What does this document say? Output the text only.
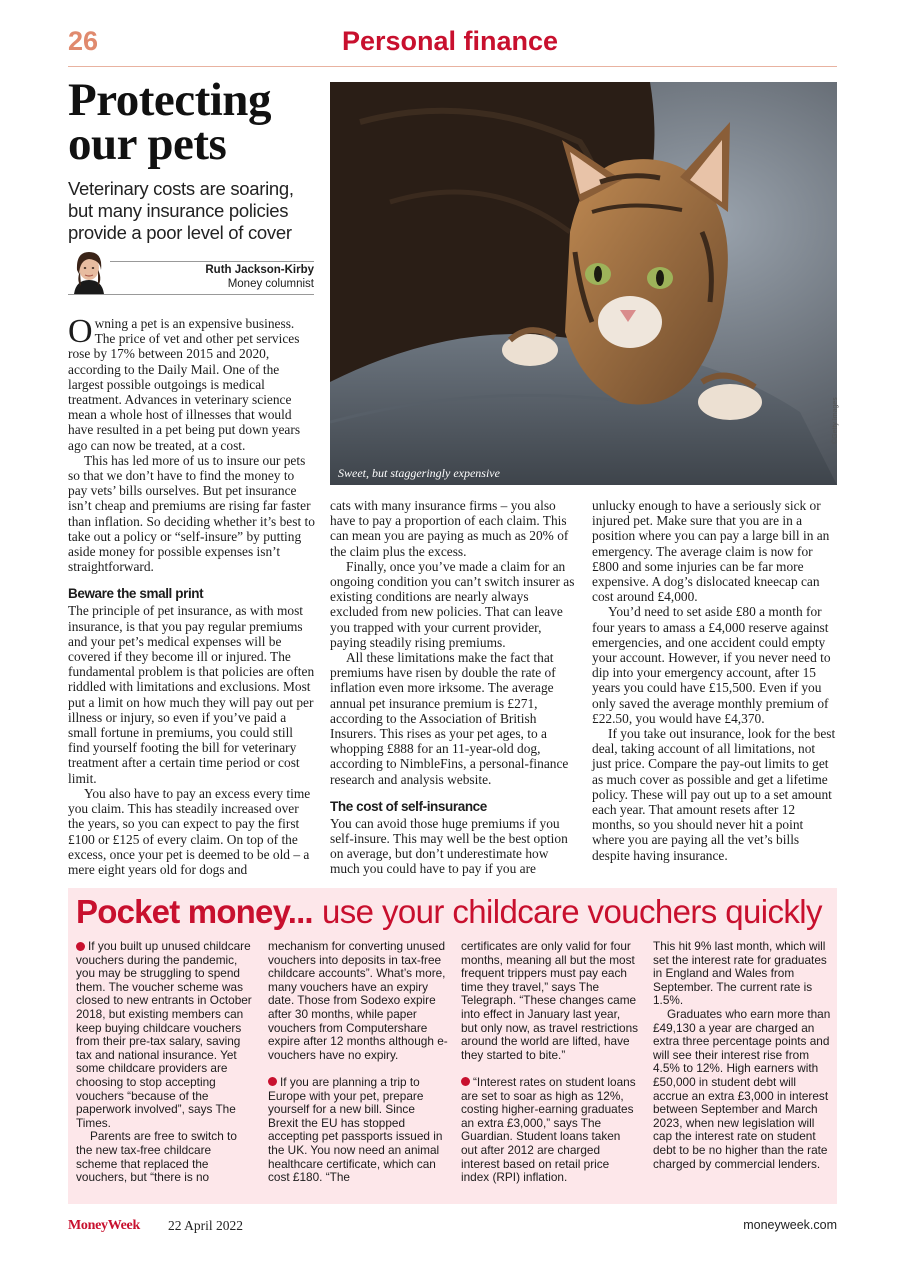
26	Personal finance
Protecting our pets
Veterinary costs are soaring, but many insurance policies provide a poor level of cover
Ruth Jackson-Kirby
Money columnist
Sweet, but staggeringly expensive
©Getty Images

Owning a pet is an expensive business. The price of vet and other pet services rose by 17% between 2015 and 2020, according to the Daily Mail. One of the largest possible outgoings is medical treatment. Advances in veterinary science mean a whole host of illnesses that would have resulted in a pet being put down years ago can now be treated, at a cost.

This has led more of us to insure our pets so that we don’t have to find the money to pay vets’ bills ourselves. But pet insurance isn’t cheap and premiums are rising far faster than inflation. So deciding whether it’s best to take out a policy or “self-insure” by putting aside money for possible expenses isn’t straightforward.

Beware the small print

The principle of pet insurance, as with most insurance, is that you pay regular premiums and your pet’s medical expenses will be covered if they become ill or injured. The fundamental problem is that policies are often riddled with limitations and exclusions. Most put a limit on how much they will pay out per illness or injury, so even if you’ve paid a small fortune in premiums, you could still find yourself footing the bill for veterinary treatment after a certain time period or cost limit.

You also have to pay an excess every time you claim. This has steadily increased over the years, so you can expect to pay the first £100 or £125 of every claim. On top of the excess, once your pet is deemed to be old – a mere eight years old for dogs and

cats with many insurance firms – you also have to pay a proportion of each claim. This can mean you are paying as much as 20% of the claim plus the excess.

Finally, once you’ve made a claim for an ongoing condition you can’t switch insurer as existing conditions are nearly always excluded from new policies. That can leave you trapped with your current provider, paying steadily rising premiums.

All these limitations make the fact that premiums have risen by double the rate of inflation even more irksome. The average annual pet insurance premium is £271, according to the Association of British Insurers. This rises as your pet ages, to a whopping £888 for an 11-year-old dog, according to NimbleFins, a personal-finance research and analysis website.

The cost of self-insurance

You can avoid those huge premiums if you self-insure. This may well be the best option on average, but don’t underestimate how much you could have to pay if you are

unlucky enough to have a seriously sick or injured pet. Make sure that you are in a position where you can pay a large bill in an emergency. The average claim is now for £800 and some injuries can be far more expensive. A dog’s dislocated kneecap can cost around £4,000.

You’d need to set aside £80 a month for four years to amass a £4,000 reserve against emergencies, and one accident could empty your account. However, if you never need to dip into your emergency account, after 15 years you could have £15,500. Even if you only saved the average monthly premium of £22.50, you would have £4,370.

If you take out insurance, look for the best deal, taking account of all limitations, not just price. Compare the pay-out limits to get as much cover as possible and get a lifetime policy. These will pay out up to a set amount each year. That amount resets after 12 months, so you should never hit a point where you are paying all the vet’s bills despite having insurance.

Pocket money... use your childcare vouchers quickly

If you built up unused childcare vouchers during the pandemic, you may be struggling to spend them. The voucher scheme was closed to new entrants in October 2018, but existing members can keep buying childcare vouchers from their pre-tax salary, saving tax and national insurance. Yet some childcare providers are choosing to stop accepting vouchers “because of the paperwork involved”, says The Times.

Parents are free to switch to the new tax-free childcare scheme that replaced the vouchers, but “there is no

mechanism for converting unused vouchers into deposits in tax-free childcare accounts”. What’s more, many vouchers have an expiry date. Those from Sodexo expire after 30 months, while paper vouchers from Computershare expire after 12 months although e-vouchers have no expiry.

If you are planning a trip to Europe with your pet, prepare yourself for a new bill. Since Brexit the EU has stopped accepting pet passports issued in the UK. You now need an animal healthcare certificate, which can cost £180. “The

certificates are only valid for four months, meaning all but the most frequent trippers must pay each time they travel,” says The Telegraph. “These changes came into effect in January last year, but only now, as travel restrictions around the world are lifted, have they started to bite.”

“Interest rates on student loans are set to soar as high as 12%, costing higher-earning graduates an extra £3,000,” says The Guardian. Student loans taken out after 2012 are charged interest based on retail price index (RPI) inflation.

This hit 9% last month, which will set the interest rate for graduates in England and Wales from September. The current rate is 1.5%.

Graduates who earn more than £49,130 a year are charged an extra three percentage points and will see their interest rise from 4.5% to 12%. High earners with £50,000 in student debt will accrue an extra £3,000 in interest between September and March 2023, when new legislation will cap the interest rate on student debt to be no higher than the rate charged by commercial lenders.

MoneyWeek 22 April 2022	moneyweek.com
